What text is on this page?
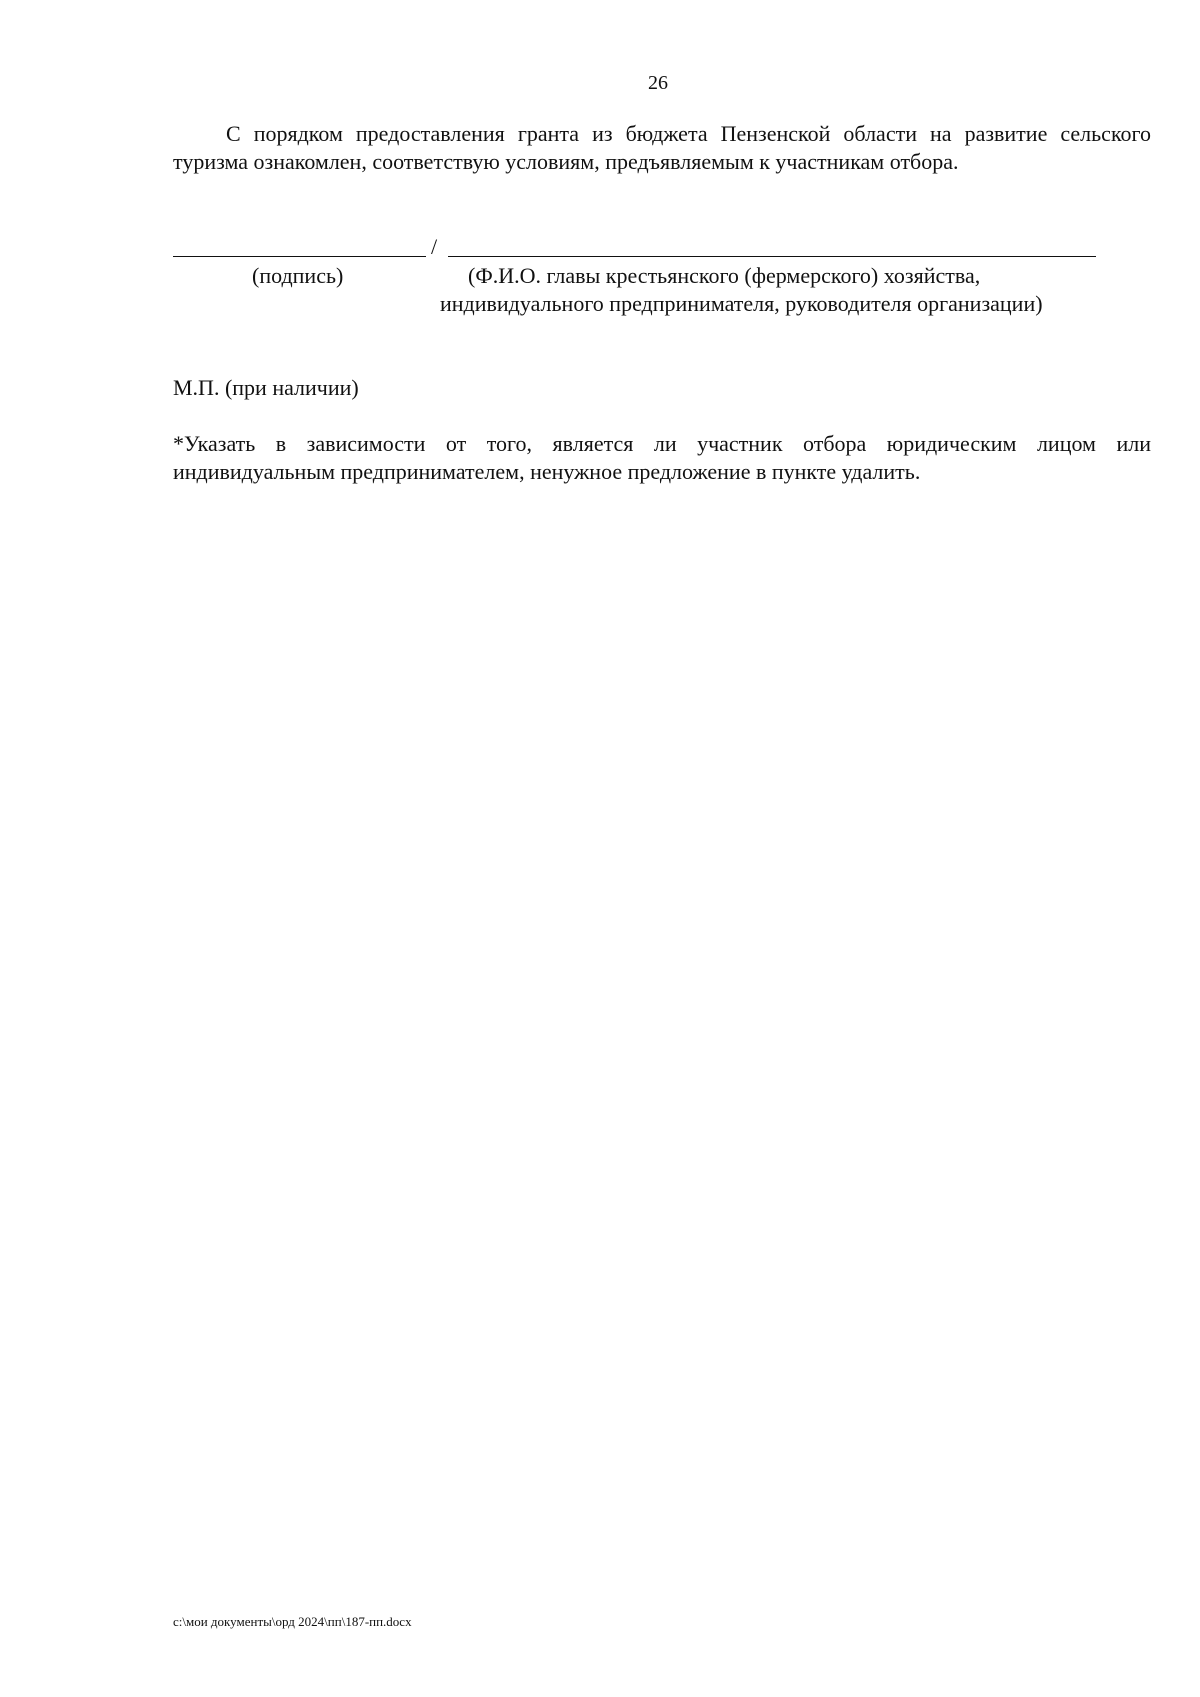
26
С порядком предоставления гранта из бюджета Пензенской области на развитие сельского туризма ознакомлен, соответствую условиям, предъявляемым к участникам отбора.
/
(подпись)	(Ф.И.О. главы крестьянского (фермерского) хозяйства,
индивидуального предпринимателя, руководителя организации)
М.П. (при наличии)
*Указать в зависимости от того, является ли участник отбора юридическим лицом или индивидуальным предпринимателем, ненужное предложение в пункте удалить.
с:\мои документы\орд 2024\пп\187-пп.docx
